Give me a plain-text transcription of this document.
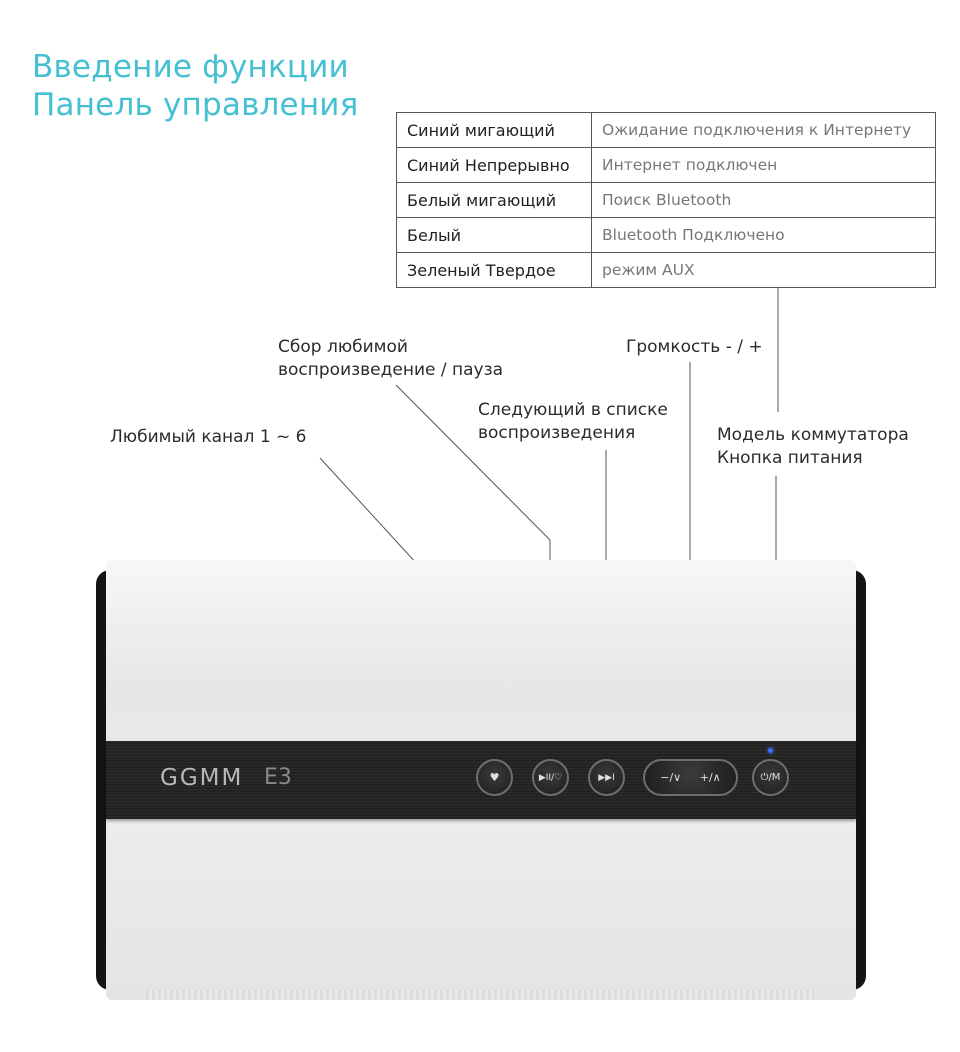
Введение функции
Панель управления
Синий мигающий	Ожидание подключения к Интернету
Синий Непрерывно	Интернет подключен
Белый мигающий	Поиск Bluetooth
Белый	Bluetooth Подключено
Зеленый Твердое	режим AUX
Сбор любимой
воспроизведение / пауза
Любимый канал 1 ~ 6
Следующий в списке
воспроизведения
Громкость - / +
Модель коммутатора
Кнопка питания
GGMM E3	♥	▶II/♡	▶▶I	−/∨ +/∧	⏻/M
